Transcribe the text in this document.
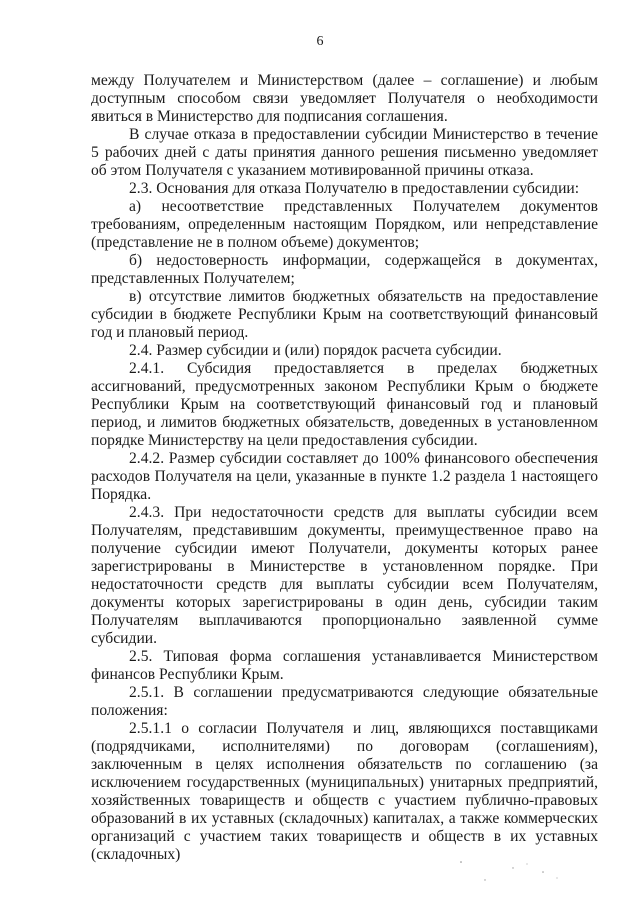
6

между Получателем и Министерством (далее – соглашение) и любым доступным способом связи уведомляет Получателя о необходимости явиться в Министерство для подписания соглашения.

В случае отказа в предоставлении субсидии Министерство в течение 5 рабочих дней с даты принятия данного решения письменно уведомляет об этом Получателя с указанием мотивированной причины отказа.

2.3. Основания для отказа Получателю в предоставлении субсидии:

а) несоответствие представленных Получателем документов требованиям, определенным настоящим Порядком, или непредставление (представление не в полном объеме) документов;

б) недостоверность информации, содержащейся в документах, представленных Получателем;

в) отсутствие лимитов бюджетных обязательств на предоставление субсидии в бюджете Республики Крым на соответствующий финансовый год и плановый период.

2.4. Размер субсидии и (или) порядок расчета субсидии.

2.4.1. Субсидия предоставляется в пределах бюджетных ассигнований, предусмотренных законом Республики Крым о бюджете Республики Крым на соответствующий финансовый год и плановый период, и лимитов бюджетных обязательств, доведенных в установленном порядке Министерству на цели предоставления субсидии.

2.4.2. Размер субсидии составляет до 100% финансового обеспечения расходов Получателя на цели, указанные в пункте 1.2 раздела 1 настоящего Порядка.

2.4.3. При недостаточности средств для выплаты субсидии всем Получателям, представившим документы, преимущественное право на получение субсидии имеют Получатели, документы которых ранее зарегистрированы в Министерстве в установленном порядке. При недостаточности средств для выплаты субсидии всем Получателям, документы которых зарегистрированы в один день, субсидии таким Получателям выплачиваются пропорционально заявленной сумме субсидии.

2.5. Типовая форма соглашения устанавливается Министерством финансов Республики Крым.

2.5.1. В соглашении предусматриваются следующие обязательные положения:

2.5.1.1 о согласии Получателя и лиц, являющихся поставщиками (подрядчиками, исполнителями) по договорам (соглашениям), заключенным в целях исполнения обязательств по соглашению (за исключением государственных (муниципальных) унитарных предприятий, хозяйственных товариществ и обществ с участием публично-правовых образований в их уставных (складочных) капиталах, а также коммерческих организаций с участием таких товариществ и обществ в их уставных (складочных)
